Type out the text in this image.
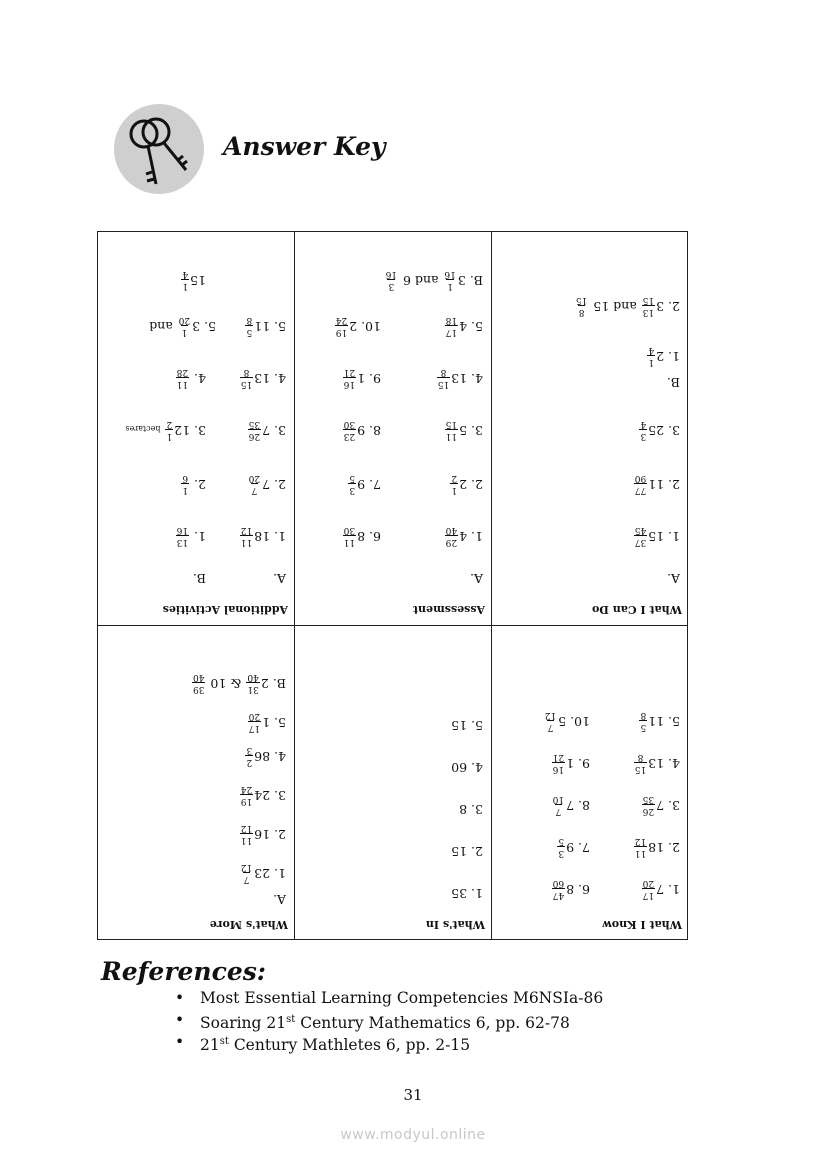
Answer Key
What I Know
1. 7
17
20
6. 8
47
60
2. 18
11
12
7. 9
3
5
3. 7
26
35
8. 7
7
10
4. 13
15
8
9. 1
16
21
5. 11
5
8
10. 5
7
12
What's In
1. 35
2. 15
3. 8
4. 60
5. 15
What's More
A.
1. 23
7
12
2. 16
11
12
3. 24
19
24
4. 86
2
3
5. 1
17
20
B. 2
31
40
& 10
39
40
What I Can Do
A.
1. 15
37
45
2. 11
77
90
3. 25
3
4
B.
1. 2
1
4
2. 3
13
15
and 15
8
15
Assessment
A.
1. 4
29
40
6. 8
11
30
2. 2
1
2
7. 9
3
5
3. 5
11
15
8. 9
23
30
4. 13
15
8
9. 1
16
21
5. 4
17
18
10. 2
19
24
B. 3
1
16
and 6
3
16
Additional Activities
A.
B.
1. 18
11
12
1.
13
16
2. 7
7
20
2.
1
6
3. 7
26
35
3. 12
1
2
hectares
4. 13
15
8
4.
11
28
5. 11
5
8
5. 3
1
20
and
15
1
4
References:
• Most Essential Learning Competencies M6NSIa-86
• Soaring 21st Century Mathematics 6, pp. 62-78
• 21st Century Mathletes 6, pp. 2-15
31
www.modyul.online
